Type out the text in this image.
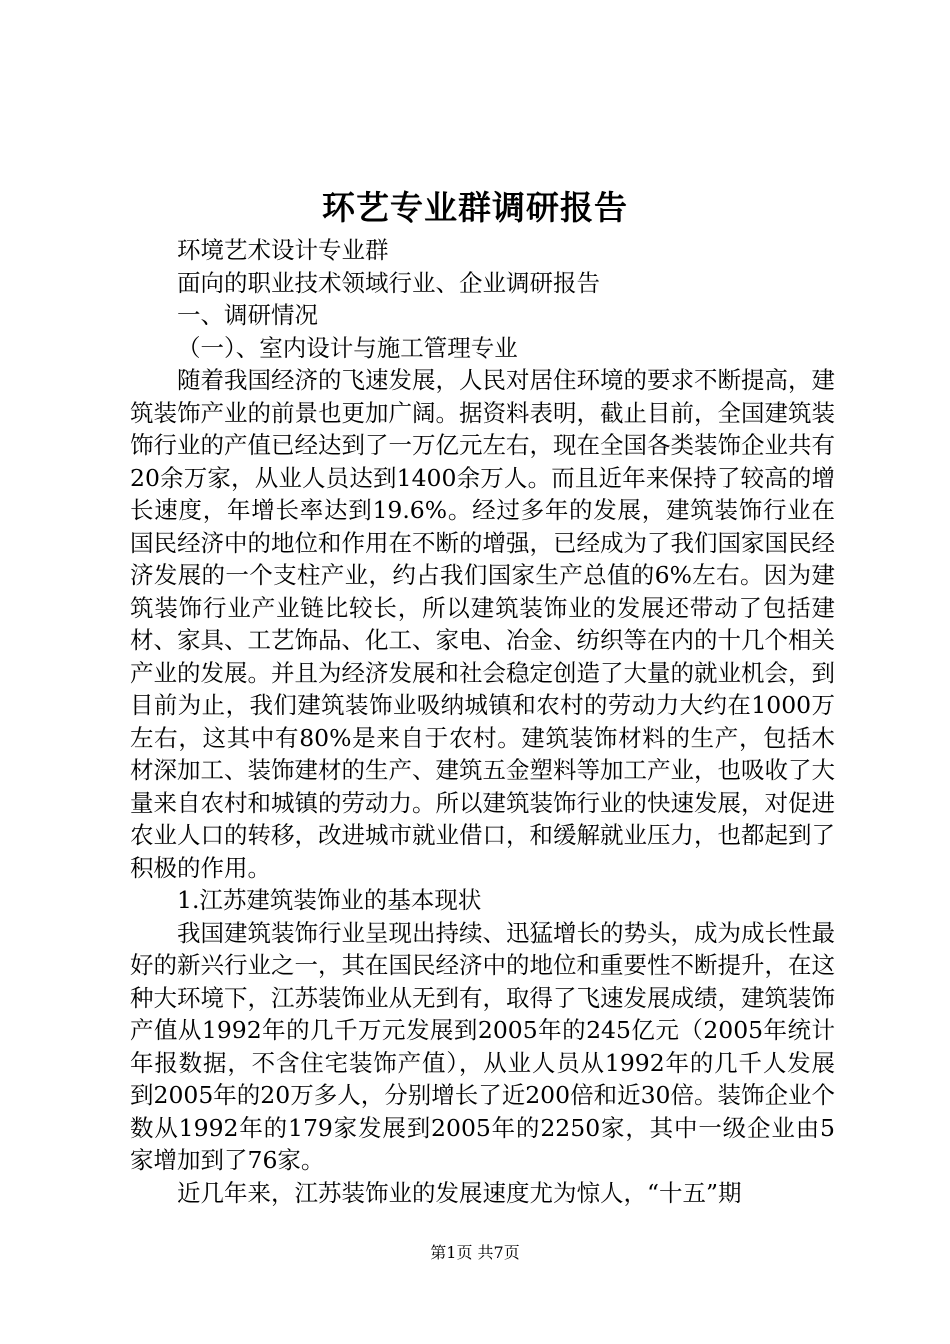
环艺专业群调研报告

环境艺术设计专业群

面向的职业技术领域行业、企业调研报告

一、调研情况

（一）、室内设计与施工管理专业

随着我国经济的飞速发展，人民对居住环境的要求不断提高，建筑装饰产业的前景也更加广阔。据资料表明，截止目前，全国建筑装饰行业的产值已经达到了一万亿元左右，现在全国各类装饰企业共有20余万家，从业人员达到1400余万人。而且近年来保持了较高的增长速度，年增长率达到19.6%。经过多年的发展，建筑装饰行业在国民经济中的地位和作用在不断的增强，已经成为了我们国家国民经济发展的一个支柱产业，约占我们国家生产总值的6%左右。因为建筑装饰行业产业链比较长，所以建筑装饰业的发展还带动了包括建材、家具、工艺饰品、化工、家电、冶金、纺织等在内的十几个相关产业的发展。并且为经济发展和社会稳定创造了大量的就业机会，到目前为止，我们建筑装饰业吸纳城镇和农村的劳动力大约在1000万左右，这其中有80%是来自于农村。建筑装饰材料的生产，包括木材深加工、装饰建材的生产、建筑五金塑料等加工产业，也吸收了大量来自农村和城镇的劳动力。所以建筑装饰行业的快速发展，对促进农业人口的转移，改进城市就业借口，和缓解就业压力，也都起到了积极的作用。

1.江苏建筑装饰业的基本现状

我国建筑装饰行业呈现出持续、迅猛增长的势头，成为成长性最好的新兴行业之一，其在国民经济中的地位和重要性不断提升，在这种大环境下，江苏装饰业从无到有，取得了飞速发展成绩，建筑装饰产值从1992年的几千万元发展到2005年的245亿元（2005年统计年报数据，不含住宅装饰产值），从业人员从1992年的几千人发展到2005年的20万多人，分别增长了近200倍和近30倍。装饰企业个数从1992年的179家发展到2005年的2250家，其中一级企业由5家增加到了76家。

近几年来，江苏装饰业的发展速度尤为惊人，“十五”期

第1页 共7页
